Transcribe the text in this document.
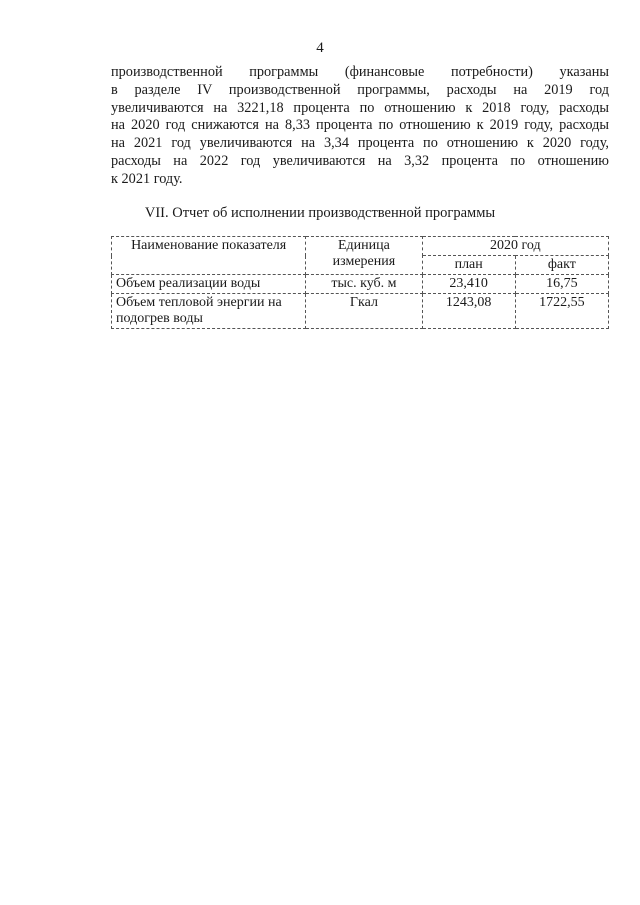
4
производственной программы (финансовые потребности) указаны
в разделе IV производственной программы, расходы на 2019 год
увеличиваются на 3221,18 процента по отношению к 2018 году, расходы
на 2020 год снижаются на 8,33 процента по отношению к 2019 году, расходы
на 2021 год увеличиваются на 3,34 процента по отношению к 2020 году,
расходы на 2022 год увеличиваются на 3,32 процента по отношению
к 2021 году.
VII. Отчет об исполнении производственной программы
Наименование показателя	Единица измерения	2020 год	
		план	факт
Объем реализации воды	тыс. куб. м	23,410	16,75
Объем тепловой энергии на подогрев воды	Гкал	1243,08	1722,55
